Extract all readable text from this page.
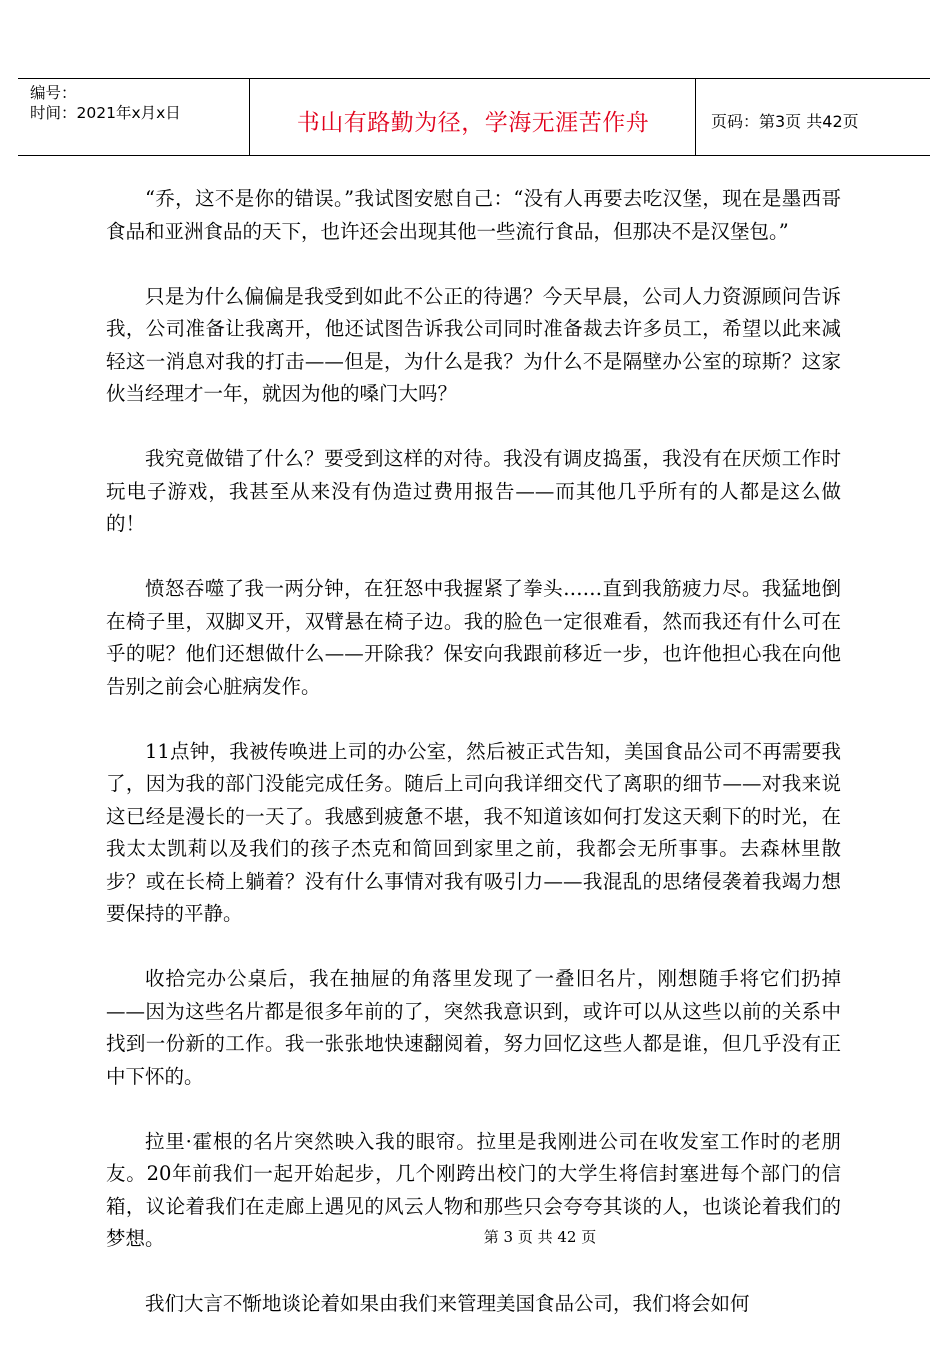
编号：
时间：2021年x月x日	书山有路勤为径，学海无涯苦作舟	页码：第3页 共42页

“乔，这不是你的错误。”我试图安慰自己：“没有人再要去吃汉堡，现在是墨西哥食品和亚洲食品的天下，也许还会出现其他一些流行食品，但那决不是汉堡包。”

只是为什么偏偏是我受到如此不公正的待遇？今天早晨，公司人力资源顾问告诉我，公司准备让我离开，他还试图告诉我公司同时准备裁去许多员工，希望以此来减轻这一消息对我的打击——但是，为什么是我？为什么不是隔壁办公室的琼斯？这家伙当经理才一年，就因为他的嗓门大吗？

我究竟做错了什么？要受到这样的对待。我没有调皮捣蛋，我没有在厌烦工作时玩电子游戏，我甚至从来没有伪造过费用报告——而其他几乎所有的人都是这么做的！

愤怒吞噬了我一两分钟，在狂怒中我握紧了拳头……直到我筋疲力尽。我猛地倒在椅子里，双脚叉开，双臂悬在椅子边。我的脸色一定很难看，然而我还有什么可在乎的呢？他们还想做什么——开除我？保安向我跟前移近一步，也许他担心我在向他告别之前会心脏病发作。

11点钟，我被传唤进上司的办公室，然后被正式告知，美国食品公司不再需要我了，因为我的部门没能完成任务。随后上司向我详细交代了离职的细节——对我来说这已经是漫长的一天了。我感到疲惫不堪，我不知道该如何打发这天剩下的时光，在我太太凯莉以及我们的孩子杰克和简回到家里之前，我都会无所事事。去森林里散步？或在长椅上躺着？没有什么事情对我有吸引力——我混乱的思绪侵袭着我竭力想要保持的平静。

收拾完办公桌后，我在抽屉的角落里发现了一叠旧名片，刚想随手将它们扔掉——因为这些名片都是很多年前的了，突然我意识到，或许可以从这些以前的关系中找到一份新的工作。我一张张地快速翻阅着，努力回忆这些人都是谁，但几乎没有正中下怀的。

拉里·霍根的名片突然映入我的眼帘。拉里是我刚进公司在收发室工作时的老朋友。20年前我们一起开始起步，几个刚跨出校门的大学生将信封塞进每个部门的信箱，议论着我们在走廊上遇见的风云人物和那些只会夸夸其谈的人，也谈论着我们的梦想。

我们大言不惭地谈论着如果由我们来管理美国食品公司，我们将会如何

第 3 页 共 42 页
